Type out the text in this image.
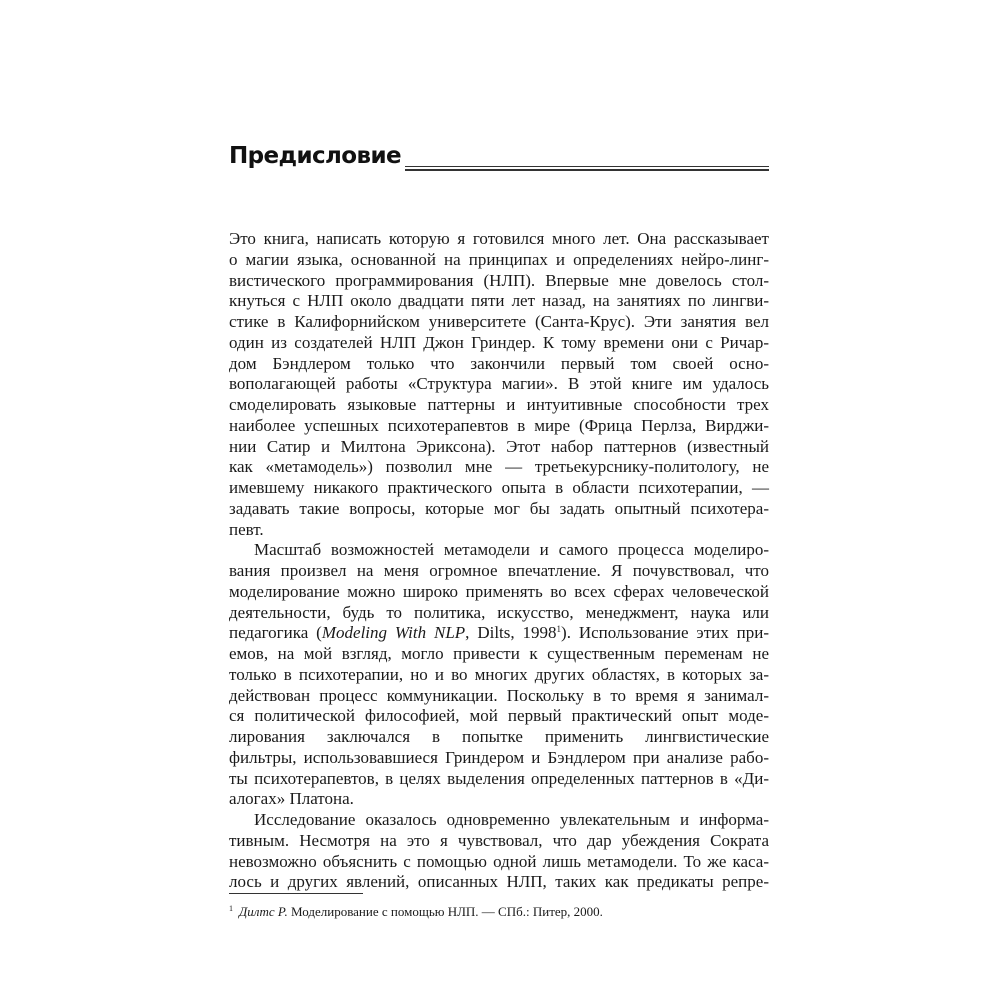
Предисловие
Это книга, написать которую я готовился много лет. Она рассказывает
о магии языка, основанной на принципах и определениях нейро-линг-
вистического программирования (НЛП). Впервые мне довелось стол-
кнуться с НЛП около двадцати пяти лет назад, на занятиях по лингви-
стике в Калифорнийском университете (Санта-Крус). Эти занятия вел
один из создателей НЛП Джон Гриндер. К тому времени они с Ричар-
дом Бэндлером только что закончили первый том своей осно-
вополагающей работы «Структура магии». В этой книге им удалось
смоделировать языковые паттерны и интуитивные способности трех
наиболее успешных психотерапевтов в мире (Фрица Перлза, Вирджи-
нии Сатир и Милтона Эриксона). Этот набор паттернов (известный
как «метамодель») позволил мне — третьекурснику-политологу, не
имевшему никакого практического опыта в области психотерапии, —
задавать такие вопросы, которые мог бы задать опытный психотера-
певт.
Масштаб возможностей метамодели и самого процесса моделиро-
вания произвел на меня огромное впечатление. Я почувствовал, что
моделирование можно широко применять во всех сферах человеческой
деятельности, будь то политика, искусство, менеджмент, наука или
педагогика (Modeling With NLP, Dilts, 1998$^1$). Использование этих при-
емов, на мой взгляд, могло привести к существенным переменам не
только в психотерапии, но и во многих других областях, в которых за-
действован процесс коммуникации. Поскольку в то время я занимал-
ся политической философией, мой первый практический опыт моде-
лирования заключался в попытке применить лингвистические
фильтры, использовавшиеся Гриндером и Бэндлером при анализе рабо-
ты психотерапевтов, в целях выделения определенных паттернов в «Ди-
алогах» Платона.
Исследование оказалось одновременно увлекательным и информа-
тивным. Несмотря на это я чувствовал, что дар убеждения Сократа
невозможно объяснить с помощью одной лишь метамодели. То же каса-
лось и других явлений, описанных НЛП, таких как предикаты репре-
$^1$ Дилтс Р. Моделирование с помощью НЛП. — СПб.: Питер, 2000.
